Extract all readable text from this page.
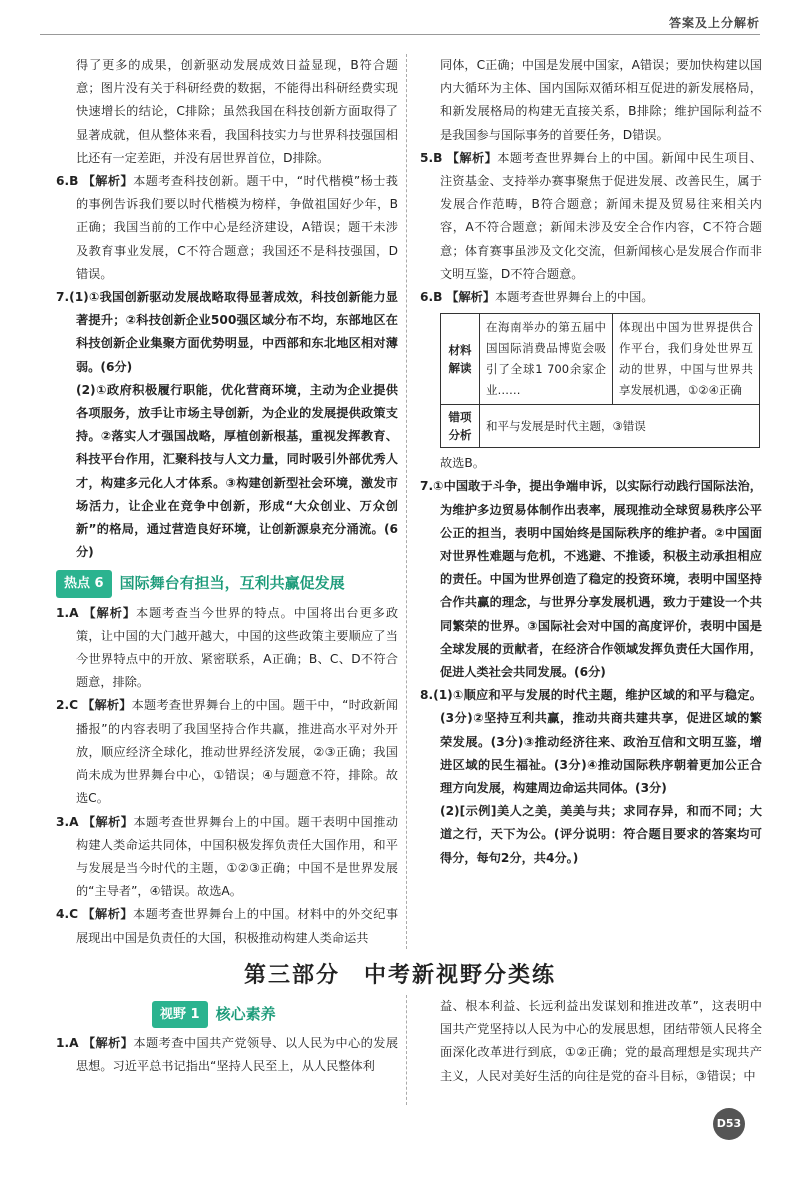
答案及上分解析

得了更多的成果，创新驱动发展成效日益显现，B符合题意；图片没有关于科研经费的数据，不能得出科研经费实现快速增长的结论，C排除；虽然我国在科技创新方面取得了显著成就，但从整体来看，我国科技实力与世界科技强国相比还有一定差距，并没有居世界首位，D排除。

6.B 【解析】本题考查科技创新。题干中，“时代楷模”杨士莪的事例告诉我们要以时代楷模为榜样，争做祖国好少年，B正确；我国当前的工作中心是经济建设，A错误；题干未涉及教育事业发展，C不符合题意；我国还不是科技强国，D错误。

7.(1)①我国创新驱动发展战略取得显著成效，科技创新能力显著提升；②科技创新企业500强区域分布不均，东部地区在科技创新企业集聚方面优势明显，中西部和东北地区相对薄弱。(6分)

(2)①政府积极履行职能，优化营商环境，主动为企业提供各项服务，放手让市场主导创新，为企业的发展提供政策支持。②落实人才强国战略，厚植创新根基，重视发挥教育、科技平台作用，汇聚科技与人文力量，同时吸引外部优秀人才，构建多元化人才体系。③构建创新型社会环境，激发市场活力，让企业在竞争中创新，形成“大众创业、万众创新”的格局，通过营造良好环境，让创新源泉充分涌流。(6分)

热点 6	国际舞台有担当，互利共赢促发展

1.A 【解析】本题考查当今世界的特点。中国将出台更多政策，让中国的大门越开越大，中国的这些政策主要顺应了当今世界特点中的开放、紧密联系，A正确；B、C、D不符合题意，排除。

2.C 【解析】本题考查世界舞台上的中国。题干中，“时政新闻播报”的内容表明了我国坚持合作共赢，推进高水平对外开放，顺应经济全球化，推动世界经济发展，②③正确；我国尚未成为世界舞台中心，①错误；④与题意不符，排除。故选C。

3.A 【解析】本题考查世界舞台上的中国。题干表明中国推动构建人类命运共同体，中国积极发挥负责任大国作用，和平与发展是当今时代的主题，①②③正确；中国不是世界发展的“主导者”，④错误。故选A。

4.C 【解析】本题考查世界舞台上的中国。材料中的外交纪事展现出中国是负责任的大国，积极推动构建人类命运共

同体，C正确；中国是发展中国家，A错误；要加快构建以国内大循环为主体、国内国际双循环相互促进的新发展格局，和新发展格局的构建无直接关系，B排除；维护国际利益不是我国参与国际事务的首要任务，D错误。

5.B 【解析】本题考查世界舞台上的中国。新闻中民生项目、注资基金、支持举办赛事聚焦于促进发展、改善民生，属于发展合作范畴，B符合题意；新闻未提及贸易往来相关内容，A不符合题意；新闻未涉及安全合作内容，C不符合题意；体育赛事虽涉及文化交流，但新闻核心是发展合作而非文明互鉴，D不符合题意。

6.B 【解析】本题考查世界舞台上的中国。

材料解读	在海南举办的第五届中国国际消费品博览会吸引了全球1 700余家企业……	体现出中国为世界提供合作平台，我们身处世界互动的世界，中国与世界共享发展机遇，①②④正确
错项分析	和平与发展是时代主题，③错误	

故选B。

7.①中国敢于斗争，提出争端申诉，以实际行动践行国际法治，为维护多边贸易体制作出表率，展现推动全球贸易秩序公平公正的担当，表明中国始终是国际秩序的维护者。②中国面对世界性难题与危机，不逃避、不推诿，积极主动承担相应的责任。中国为世界创造了稳定的投资环境，表明中国坚持合作共赢的理念，与世界分享发展机遇，致力于建设一个共同繁荣的世界。③国际社会对中国的高度评价，表明中国是全球发展的贡献者，在经济合作领域发挥负责任大国作用，促进人类社会共同发展。(6分)

8.(1)①顺应和平与发展的时代主题，维护区域的和平与稳定。(3分)②坚持互利共赢，推动共商共建共享，促进区域的繁荣发展。(3分)③推动经济往来、政治互信和文明互鉴，增进区域的民生福祉。(3分)④推动国际秩序朝着更加公正合理方向发展，构建周边命运共同体。(3分)

(2)[示例]美人之美，美美与共；求同存异，和而不同；大道之行，天下为公。(评分说明：符合题目要求的答案均可得分，每句2分，共4分。)

第三部分　中考新视野分类练
视野 1	核心素养

1.A 【解析】本题考查中国共产党领导、以人民为中心的发展思想。习近平总书记指出“坚持人民至上，从人民整体利

益、根本利益、长远利益出发谋划和推进改革”，这表明中国共产党坚持以人民为中心的发展思想，团结带领人民将全面深化改革进行到底，①②正确；党的最高理想是实现共产主义，人民对美好生活的向往是党的奋斗目标，③错误；中

D53
